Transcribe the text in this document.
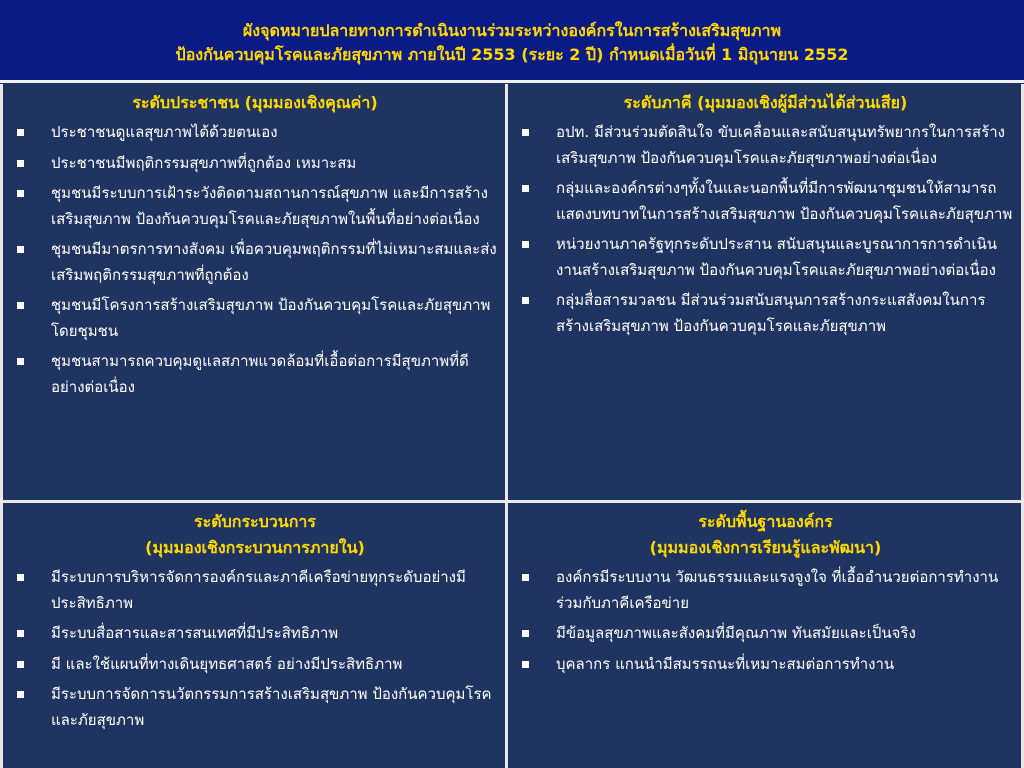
ผังจุดหมายปลายทางการดำเนินงานร่วมระหว่างองค์กรในการสร้างเสริมสุขภาพ
ป้องกันควบคุมโรคและภัยสุขภาพ ภายในปี 2553 (ระยะ 2 ปี) กำหนดเมื่อวันที่ 1 มิถุนายน 2552
ระดับประชาชน (มุมมองเชิงคุณค่า)
ประชาชนดูแลสุขภาพได้ด้วยตนเอง
ประชาชนมีพฤติกรรมสุขภาพที่ถูกต้อง เหมาะสม
ชุมชนมีระบบการเฝ้าระวังติดตามสถานการณ์สุขภาพ และมีการสร้างเสริมสุขภาพ ป้องกันควบคุมโรคและภัยสุขภาพในพื้นที่อย่างต่อเนื่อง
ชุมชนมีมาตรการทางสังคม เพื่อควบคุมพฤติกรรมที่ไม่เหมาะสมและส่งเสริมพฤติกรรมสุขภาพที่ถูกต้อง
ชุมชนมีโครงการสร้างเสริมสุขภาพ ป้องกันควบคุมโรคและภัยสุขภาพ โดยชุมชน
ชุมชนสามารถควบคุมดูแลสภาพแวดล้อมที่เอื้อต่อการมีสุขภาพที่ดีอย่างต่อเนื่อง
ระดับภาคี (มุมมองเชิงผู้มีส่วนได้ส่วนเสีย)
อปท. มีส่วนร่วมตัดสินใจ ขับเคลื่อนและสนับสนุนทรัพยากรในการสร้างเสริมสุขภาพ ป้องกันควบคุมโรคและภัยสุขภาพอย่างต่อเนื่อง
กลุ่มและองค์กรต่างๆทั้งในและนอกพื้นที่มีการพัฒนาชุมชนให้สามารถแสดงบทบาทในการสร้างเสริมสุขภาพ ป้องกันควบคุมโรคและภัยสุขภาพ
หน่วยงานภาครัฐทุกระดับประสาน สนับสนุนและบูรณาการการดำเนินงานสร้างเสริมสุขภาพ ป้องกันควบคุมโรคและภัยสุขภาพอย่างต่อเนื่อง
กลุ่มสื่อสารมวลชน มีส่วนร่วมสนับสนุนการสร้างกระแสสังคมในการสร้างเสริมสุขภาพ ป้องกันควบคุมโรคและภัยสุขภาพ
ระดับกระบวนการ
(มุมมองเชิงกระบวนการภายใน)
มีระบบการบริหารจัดการองค์กรและภาคีเครือข่ายทุกระดับอย่างมีประสิทธิภาพ
มีระบบสื่อสารและสารสนเทศที่มีประสิทธิภาพ
มี และใช้แผนที่ทางเดินยุทธศาสตร์ อย่างมีประสิทธิภาพ
มีระบบการจัดการนวัตกรรมการสร้างเสริมสุขภาพ ป้องกันควบคุมโรคและภัยสุขภาพ
ระดับพื้นฐานองค์กร
(มุมมองเชิงการเรียนรู้และพัฒนา)
องค์กรมีระบบงาน วัฒนธรรมและแรงจูงใจ ที่เอื้ออำนวยต่อการทำงานร่วมกับภาคีเครือข่าย
มีข้อมูลสุขภาพและสังคมที่มีคุณภาพ ทันสมัยและเป็นจริง
บุคลากร แกนนำมีสมรรถนะที่เหมาะสมต่อการทำงาน
